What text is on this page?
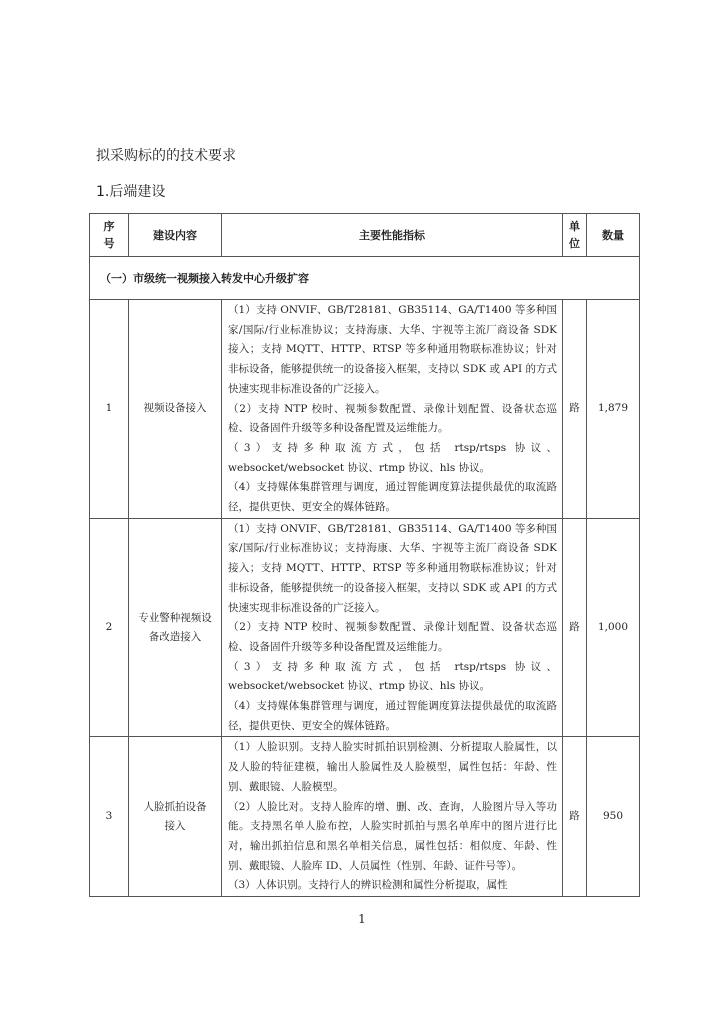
拟采购标的的技术要求
1.后端建设
序号	建设内容	主要性能指标	单位	数量
（一）市级统一视频接入转发中心升级扩容				
1	视频设备接入	（1）支持 ONVIF、GB/T28181、GB35114、GA/T1400 等多种国家/国际/行业标准协议；支持海康、大华、宇视等主流厂商设备 SDK 接入；支持 MQTT、HTTP、RTSP 等多种通用物联标准协议；针对非标设备，能够提供统一的设备接入框架，支持以 SDK 或 API 的方式快速实现非标准设备的广泛接入。

（2）支持 NTP 校时、视频参数配置、录像计划配置、设备状态巡检、设备固件升级等多种设备配置及运维能力。

（3）支持多种取流方式，包括 rtsp/rtsps 协议、websocket/websocket 协议、rtmp 协议、hls 协议。

（4）支持媒体集群管理与调度，通过智能调度算法提供最优的取流路径，提供更快、更安全的媒体链路。	路	1,879
2	专业警种视频设备改造接入	（1）支持 ONVIF、GB/T28181、GB35114、GA/T1400 等多种国家/国际/行业标准协议；支持海康、大华、宇视等主流厂商设备 SDK 接入；支持 MQTT、HTTP、RTSP 等多种通用物联标准协议；针对非标设备，能够提供统一的设备接入框架，支持以 SDK 或 API 的方式快速实现非标准设备的广泛接入。

（2）支持 NTP 校时、视频参数配置、录像计划配置、设备状态巡检、设备固件升级等多种设备配置及运维能力。

（3）支持多种取流方式，包括 rtsp/rtsps 协议、websocket/websocket 协议、rtmp 协议、hls 协议。

（4）支持媒体集群管理与调度，通过智能调度算法提供最优的取流路径，提供更快、更安全的媒体链路。	路	1,000
3	人脸抓拍设备接入	（1）人脸识别。支持人脸实时抓拍识别检测、分析提取人脸属性，以及人脸的特征建模，输出人脸属性及人脸模型，属性包括：年龄、性别、戴眼镜、人脸模型。

（2）人脸比对。支持人脸库的增、删、改、查询，人脸图片导入等功能。支持黑名单人脸布控，人脸实时抓拍与黑名单库中的图片进行比对，输出抓拍信息和黑名单相关信息，属性包括：相似度、年龄、性别、戴眼镜、人脸库 ID、人员属性（性别、年龄、证件号等）。

（3）人体识别。支持行人的辨识检测和属性分析提取，属性	路	950
1
